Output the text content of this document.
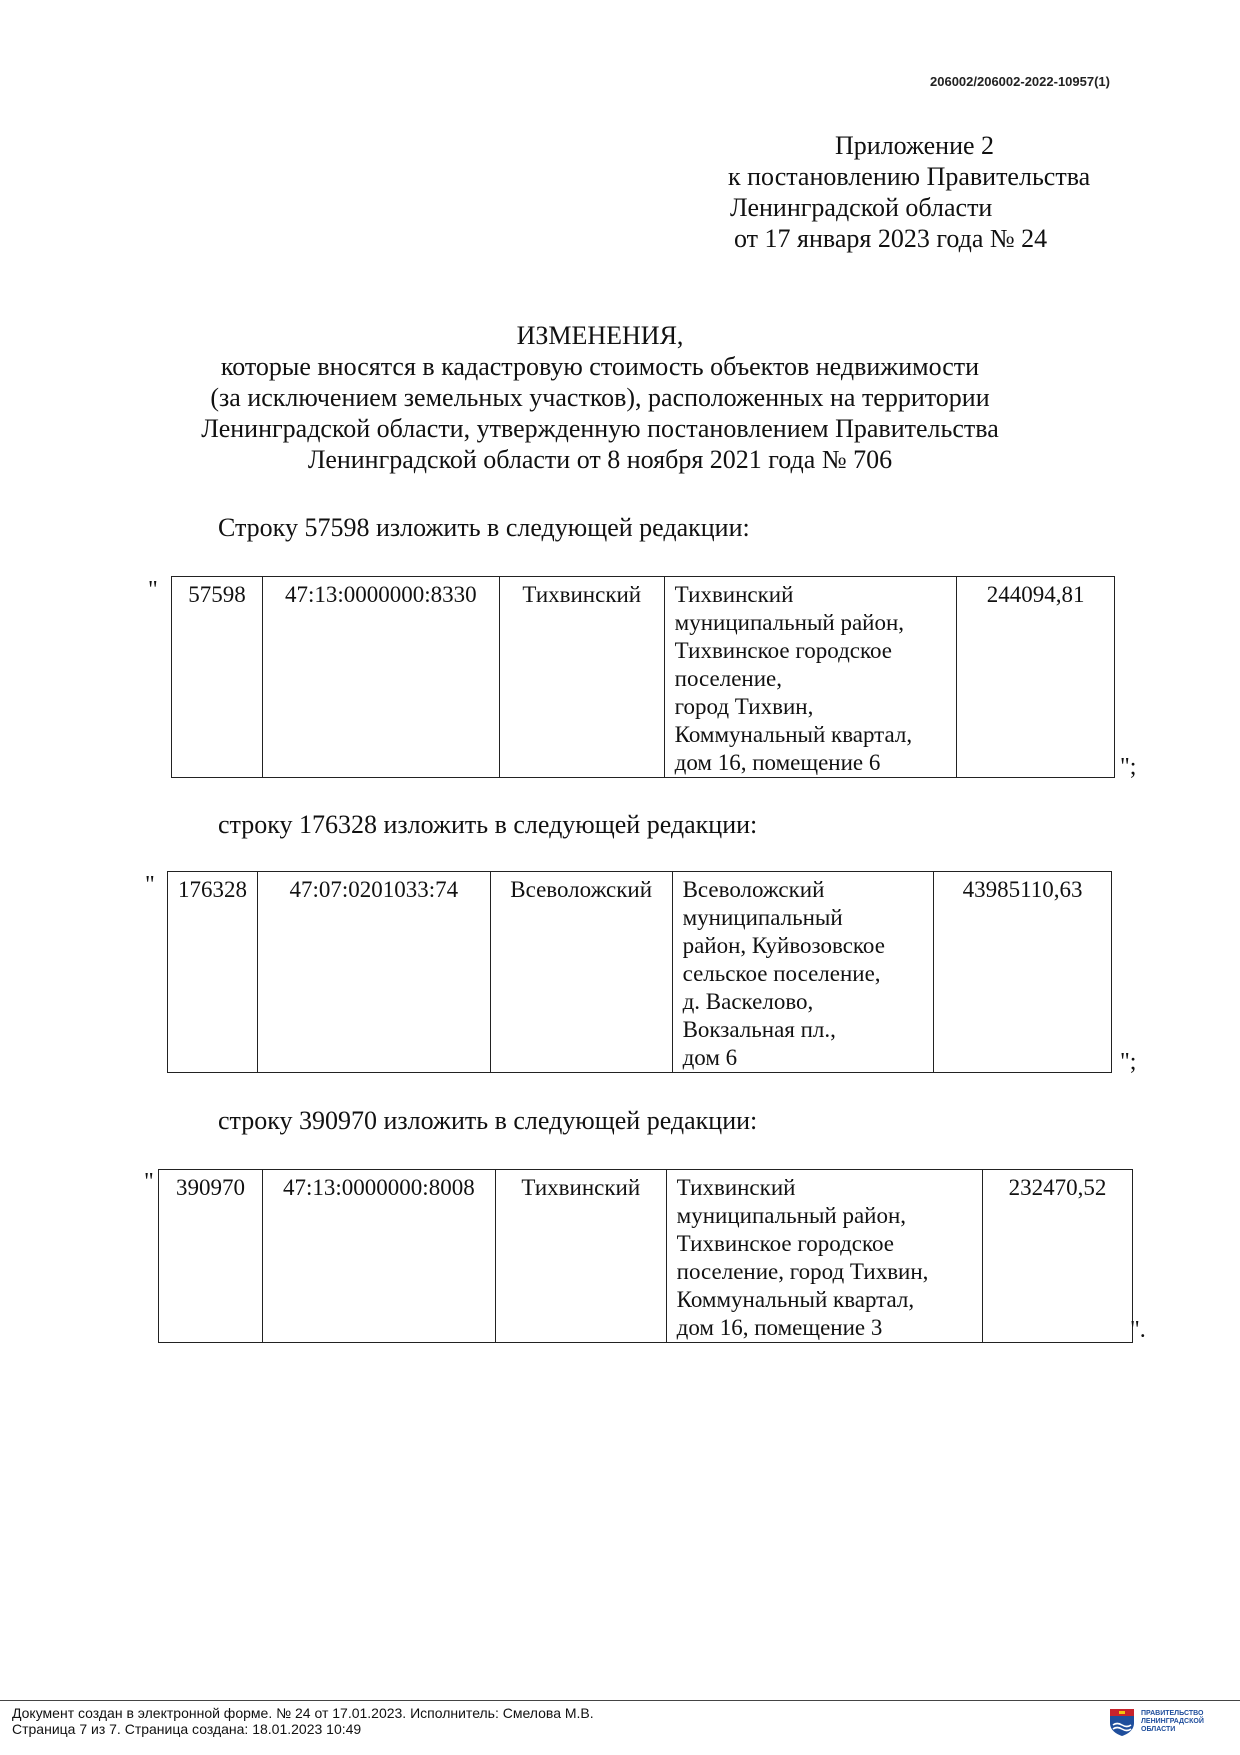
206002/206002-2022-10957(1)
Приложение 2
к постановлению Правительства
Ленинградской области
от 17 января 2023 года № 24
ИЗМЕНЕНИЯ,
которые вносятся в кадастровую стоимость объектов недвижимости
(за исключением земельных участков), расположенных на территории
Ленинградской области, утвержденную постановлением Правительства
Ленинградской области от 8 ноября 2021 года № 706
Строку 57598 изложить в следующей редакции:
" 57598	47:13:0000000:8330	Тихвинский	Тихвинский
муниципальный район,
Тихвинское городское
поселение,
город Тихвин,
Коммунальный квартал,
дом 16, помещение 6
	244094,81
";
строку 176328 изложить в следующей редакции:
" 176328	47:07:0201033:74	Всеволожский	Всеволожский
муниципальный
район, Куйвозовское
сельское поселение,
д. Васкелово,
Вокзальная пл.,
дом 6
	43985110,63
";
строку 390970 изложить в следующей редакции:
" 390970	47:13:0000000:8008	Тихвинский	Тихвинский
муниципальный район,
Тихвинское городское
поселение, город Тихвин,
Коммунальный квартал,
дом 16, помещение 3
	232470,52
".
Документ создан в электронной форме. № 24 от 17.01.2023. Исполнитель: Смелова М.В.
Страница 7 из 7. Страница создана: 18.01.2023 10:49
ПРАВИТЕЛЬСТВО
ЛЕНИНГРАДСКОЙ
ОБЛАСТИ
